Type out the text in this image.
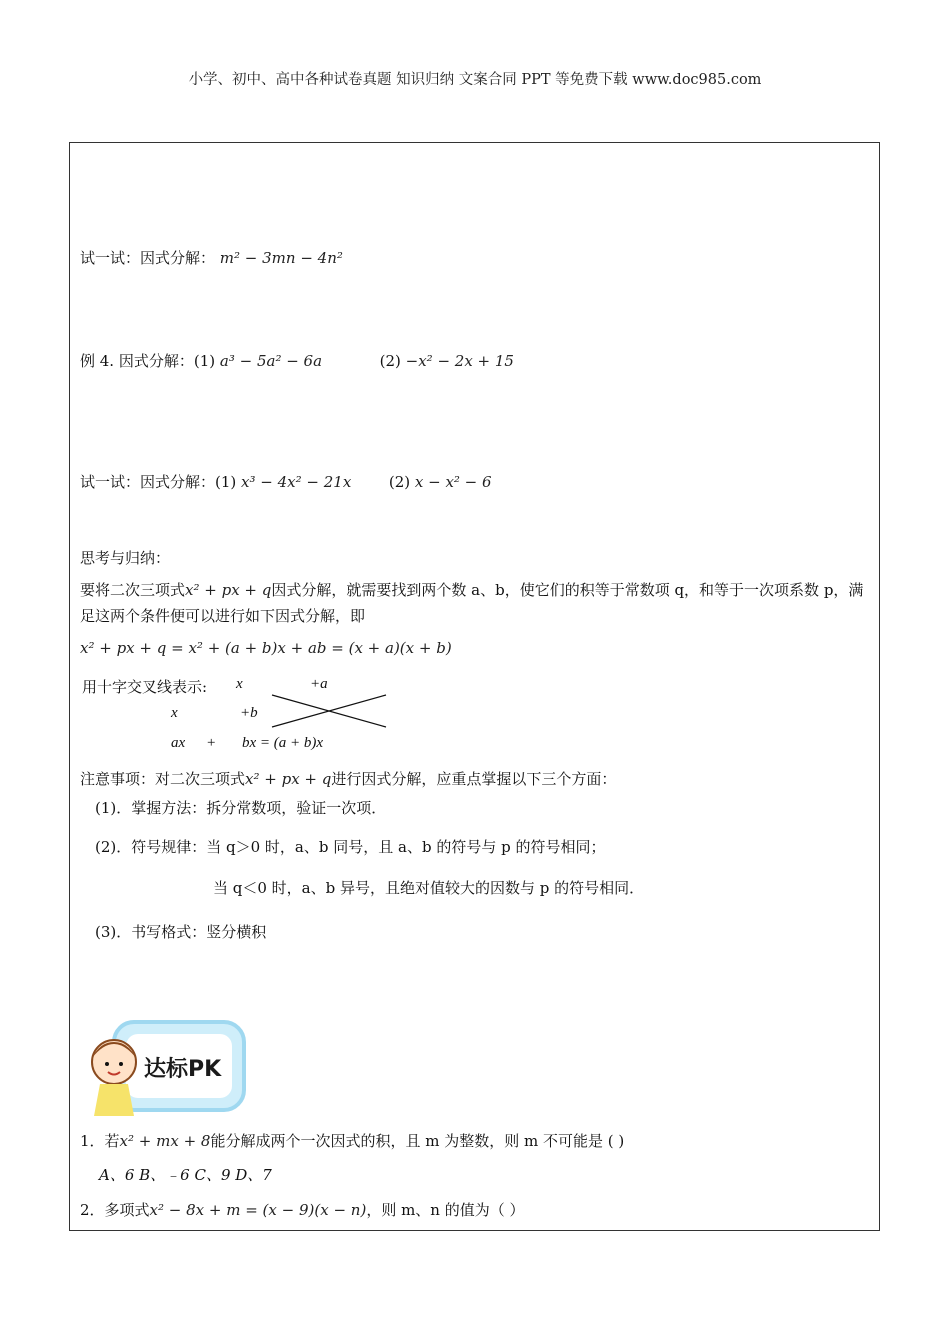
小学、初中、高中各种试卷真题 知识归纳 文案合同 PPT 等免费下载 www.doc985.com
试一试：因式分解： m² − 3mn − 4n²
例 4. 因式分解：(1) a³ − 5a² − 6a	(2) −x² − 2x + 15
试一试：因式分解：(1) x³ − 4x² − 21x	(2) x − x² − 6
思考与归纳：
要将二次三项式x² + px + q因式分解，就需要找到两个数 a、b，使它们的积等于常数项 q，和等于一次项系数 p，满足这两个条件便可以进行如下因式分解，即
x² + px + q = x² + (a + b)x + ab = (x + a)(x + b)
用十字交叉线表示: x	+a
x	+b
ax + bx = (a + b)x
注意事项：对二次三项式x² + px + q进行因式分解，应重点掌握以下三个方面：
(1)．掌握方法：拆分常数项，验证一次项．
(2)．符号规律：当 q＞0 时，a、b 同号，且 a、b 的符号与 p 的符号相同；
当 q＜0 时，a、b 异号，且绝对值较大的因数与 p 的符号相同．
(3)．书写格式：竖分横积
达标PK
1．若x² + mx + 8能分解成两个一次因式的积，且 m 为整数，则 m 不可能是 ( )
A、6 B、﹣6 C、9 D、7
2．多项式x² − 8x + m = (x − 9)(x − n)，则 m、n 的值为（ ）
